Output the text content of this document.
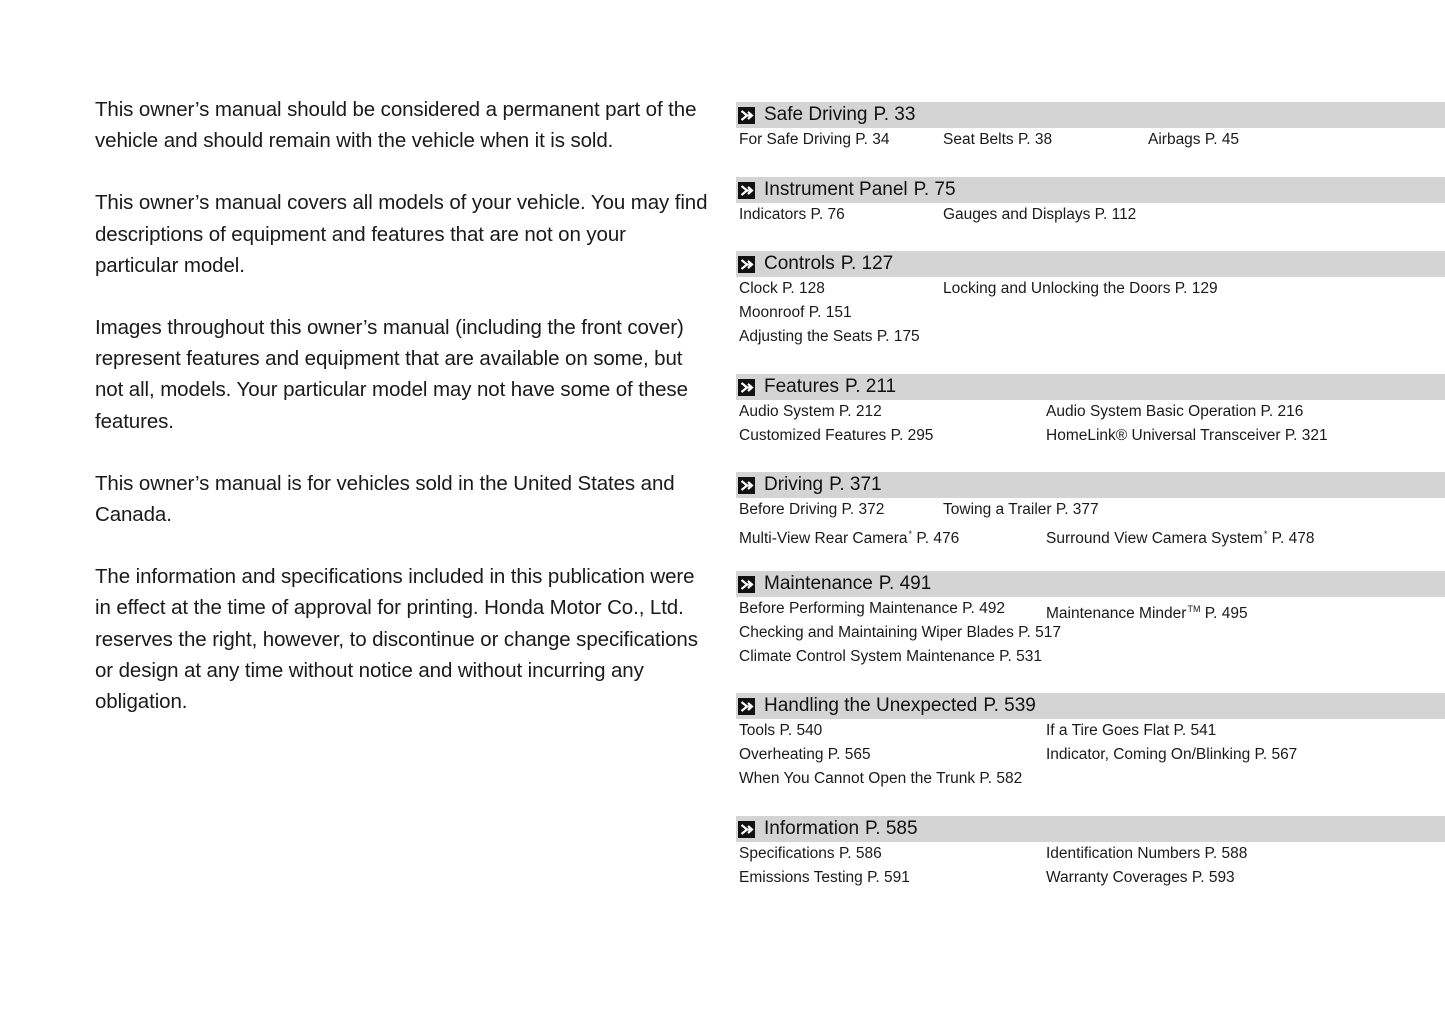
This owner’s manual should be considered a permanent part of the
vehicle and should remain with the vehicle when it is sold.

This owner’s manual covers all models of your vehicle. You may find
descriptions of equipment and features that are not on your
particular model.

Images throughout this owner’s manual (including the front cover)
represent features and equipment that are available on some, but
not all, models. Your particular model may not have some of these
features.

This owner’s manual is for vehicles sold in the United States and
Canada.

The information and specifications included in this publication were
in effect at the time of approval for printing. Honda Motor Co., Ltd.
reserves the right, however, to discontinue or change specifications
or design at any time without notice and without incurring any
obligation.

Safe Driving P. 33
For Safe Driving P. 34	Seat Belts P. 38	Airbags P. 45
Instrument Panel P. 75
Indicators P. 76	Gauges and Displays P. 112
Controls P. 127
Clock P. 128	Locking and Unlocking the Doors P. 129
Moonroof P. 151
Adjusting the Seats P. 175
Features P. 211
Audio System P. 212	Audio System Basic Operation P. 216
Customized Features P. 295	HomeLink® Universal Transceiver P. 321
Driving P. 371
Before Driving P. 372	Towing a Trailer P. 377
Multi-View Rear Camera* P. 476	Surround View Camera System* P. 478
Maintenance P. 491
Before Performing Maintenance P. 492	Maintenance Minder™ P. 495
Checking and Maintaining Wiper Blades P. 517
Climate Control System Maintenance P. 531
Handling the Unexpected P. 539
Tools P. 540	If a Tire Goes Flat P. 541
Overheating P. 565	Indicator, Coming On/Blinking P. 567
When You Cannot Open the Trunk P. 582
Information P. 585
Specifications P. 586	Identification Numbers P. 588
Emissions Testing P. 591	Warranty Coverages P. 593
